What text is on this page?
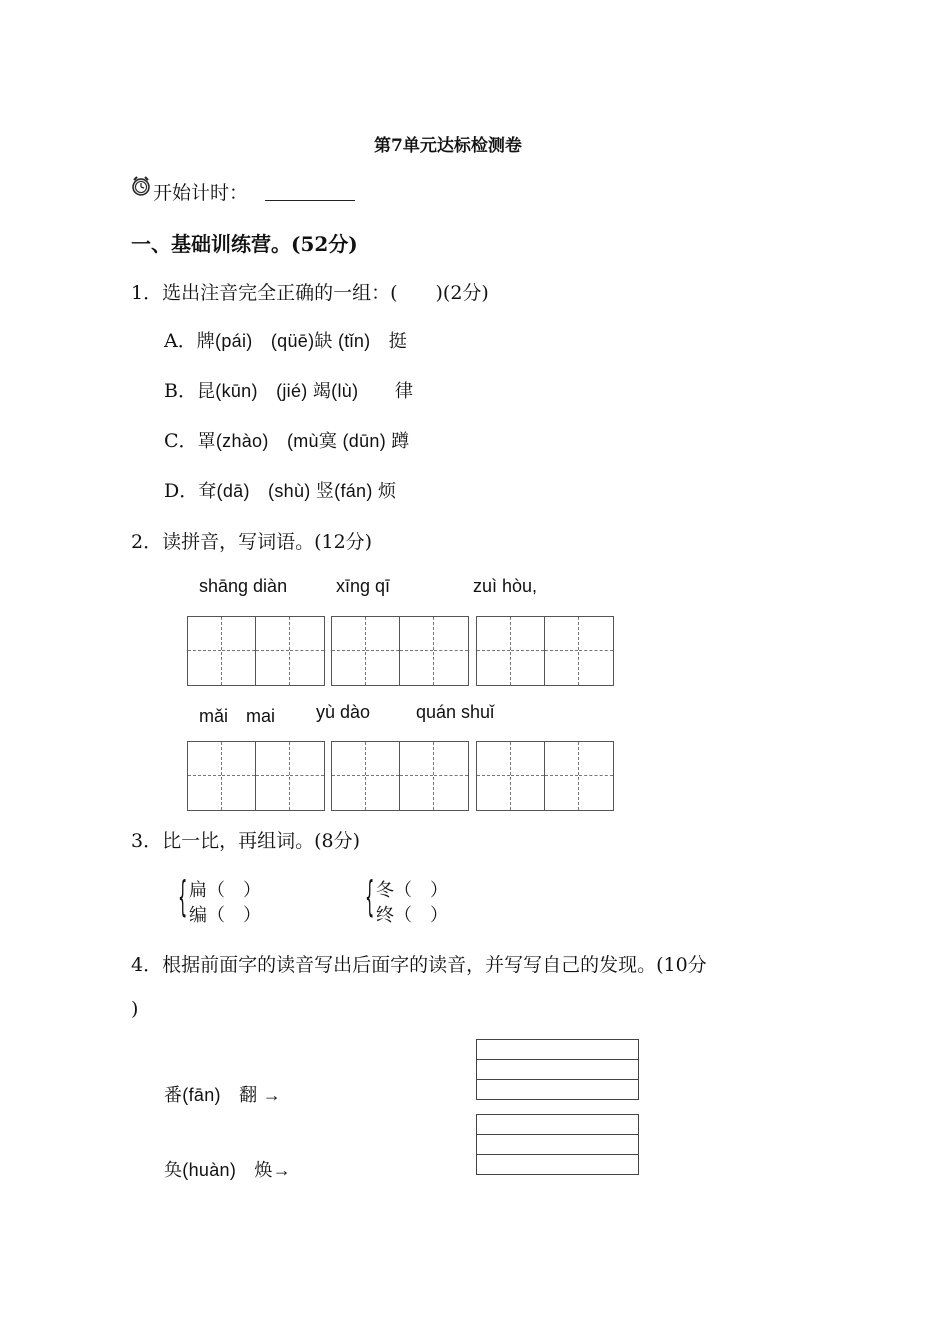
第7单元达标检测卷
开始计时：
一、基础训练营。(52分)
1．选出注音完全正确的一组：(　　)(2分)
A．牌(pái)　(qüē)缺 (tǐn)　挺
B．昆(kūn)　(jié) 竭(lù)　　律
C．罩(zhào)　(mù寞 (dūn) 蹲
D．耷(dā)　(shù) 竖(fán) 烦
2．读拼音，写词语。(12分)
shāng diàn	xīng qī	zuì hòu,
mǎi　mai yù dào	quán shuǐ
3．比一比，再组词。(8分)
{ 扁（　）
编（　） { 冬（　）
终（　）
4．根据前面字的读音写出后面字的读音，并写写自己的发现。(10分
)
番(fān)　翻 →
奂(huàn)　焕→
